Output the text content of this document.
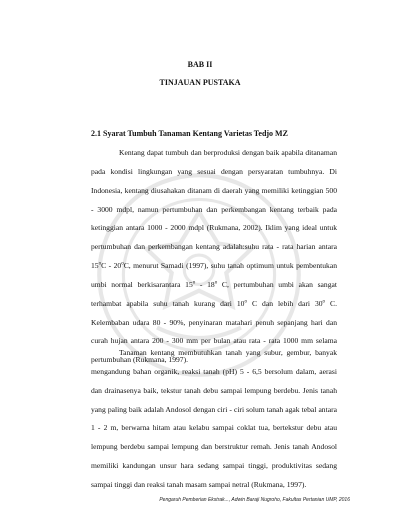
BAB II
TINJAUAN PUSTAKA
2.1 Syarat Tumbuh Tanaman Kentang Varietas Tedjo MZ

Kentang dapat tumbuh dan berproduksi dengan baik apabila ditanaman pada kondisi lingkungan yang sesuai dengan persyaratan tumbuhnya. Di Indonesia, kentang diusahakan ditanam di daerah yang memiliki ketinggian 500 - 3000 mdpl, namun pertumbuhan dan perkembangan kentang terbaik pada ketinggian antara 1000 - 2000 mdpl (Rukmana, 2002). Iklim yang ideal untuk pertumbuhan dan perkembangan kentang adalah:suhu rata - rata harian antara 15$^o$C - 20$^o$C, menurut Samadi (1997), suhu tanah optimum untuk pembentukan umbi normal berkisarantara 15$^o$ - 18$^o$ C, pertumbuhan umbi akan sangat terhambat apabila suhu tanah kurang dari 10$^o$ C dan lebih dari 30$^o$ C. Kelembaban udara 80 - 90%, penyinaran matahari penuh sepanjang hari dan curah hujan antara 200 - 300 mm per bulan atau rata - rata 1000 mm selama pertumbuhan (Rukmana, 1997).

Tanaman kentang membutuhkan tanah yang subur, gembur, banyak mengandung bahan organik, reaksi tanah (pH) 5 - 6,5 bersolum dalam, aerasi dan drainasenya baik, tekstur tanah debu sampai lempung berdebu. Jenis tanah yang paling baik adalah Andosol dengan ciri - ciri solum tanah agak tebal antara 1 - 2 m, berwarna hitam atau kelabu sampai coklat tua, bertekstur debu atau lempung berdebu sampai lempung dan berstruktur remah. Jenis tanah Andosol memiliki kandungan unsur hara sedang sampai tinggi, produktivitas sedang sampai tinggi dan reaksi tanah masam sampai netral (Rukmana, 1997).

Pengaruh Pemberian Ekstrak..., Adwin Baraji Nugroho, Fakultas Pertanian UMP, 2016
